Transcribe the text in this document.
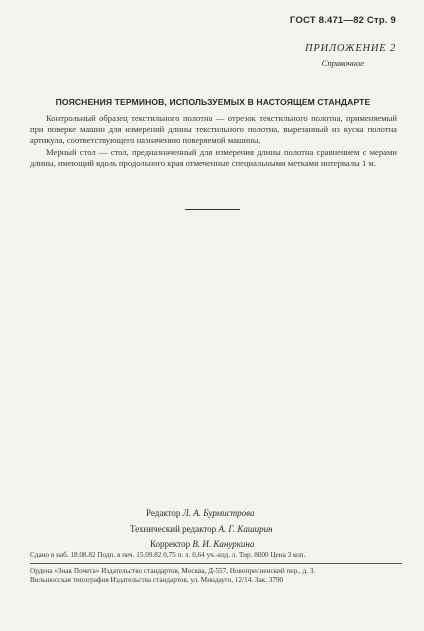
ГОСТ 8.471—82 Стр. 9
ПРИЛОЖЕНИЕ 2
Справочное
ПОЯСНЕНИЯ ТЕРМИНОВ, ИСПОЛЬЗУЕМЫХ В НАСТОЯЩЕМ СТАНДАРТЕ

Контрольный образец текстильного полотна — отрезок текстильного полотна, применяемый при поверке машин для измерений длины текстильного полотна, вырезанный из куска полотна артикула, соответствующего назначению поверяемой машины.

Мерный стол — стол, предназначенный для измерения длины полотна сравнением с мерами длины, имеющий вдоль продольного края отмеченные специальными метками интервалы 1 м.

Редактор Л. А. Бурмистрова
Технический редактор А. Г. Каширин
Корректор В. И. Кануркина
Сдано в наб. 18.08.82 Подп. в печ. 15.09.82 0,75 п. л. 0,64 уч.-изд. л. Тир. 8000 Цена 3 коп.
Ордена «Знак Почета» Издательство стандартов, Москва, Д-557, Новопресненский пер., д. 3.
Вильнюсская типография Издательства стандартов, ул. Миндауго, 12/14. Зак. 3790
